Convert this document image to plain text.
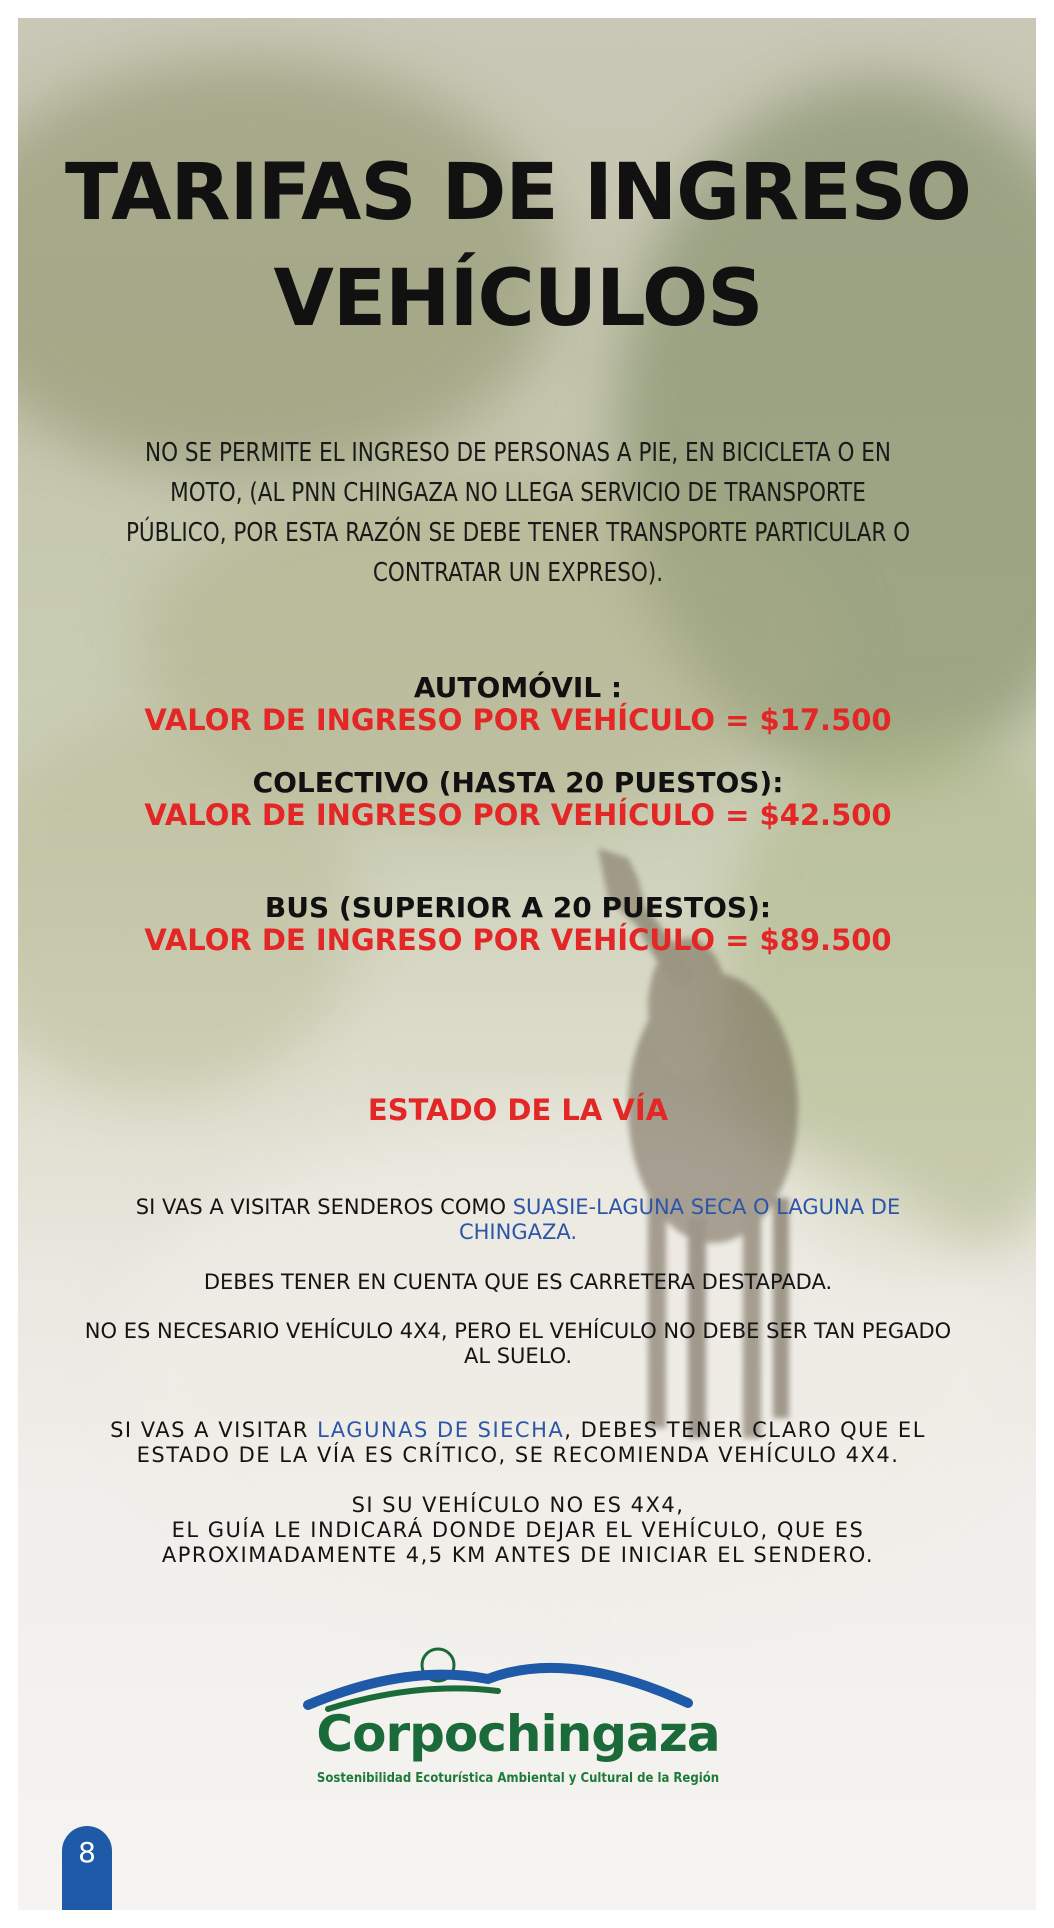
TARIFAS DE INGRESO
VEHÍCULOS
NO SE PERMITE EL INGRESO DE PERSONAS A PIE, EN BICICLETA O EN
MOTO, (AL PNN CHINGAZA NO LLEGA SERVICIO DE TRANSPORTE
PÚBLICO, POR ESTA RAZÓN SE DEBE TENER TRANSPORTE PARTICULAR O
CONTRATAR UN EXPRESO).
AUTOMÓVIL :
VALOR DE INGRESO POR VEHÍCULO = $17.500
COLECTIVO (HASTA 20 PUESTOS):
VALOR DE INGRESO POR VEHÍCULO = $42.500
BUS (SUPERIOR A 20 PUESTOS):
VALOR DE INGRESO POR VEHÍCULO = $89.500
ESTADO DE LA VÍA
SI VAS A VISITAR SENDEROS COMO SUASIE-LAGUNA SECA O LAGUNA DE CHINGAZA.
DEBES TENER EN CUENTA QUE ES CARRETERA DESTAPADA.
NO ES NECESARIO VEHÍCULO 4X4, PERO EL VEHÍCULO NO DEBE SER TAN PEGADO AL SUELO.
SI VAS A VISITAR LAGUNAS DE SIECHA, DEBES TENER CLARO QUE EL ESTADO DE LA VÍA ES CRÍTICO, SE RECOMIENDA VEHÍCULO 4X4.
SI SU VEHÍCULO NO ES 4X4,
EL GUÍA LE INDICARÁ DONDE DEJAR EL VEHÍCULO, QUE ES APROXIMADAMENTE 4,5 KM ANTES DE INICIAR EL SENDERO.
Corpochingaza
Sostenibilidad Ecoturística Ambiental y Cultural de la Región
8
